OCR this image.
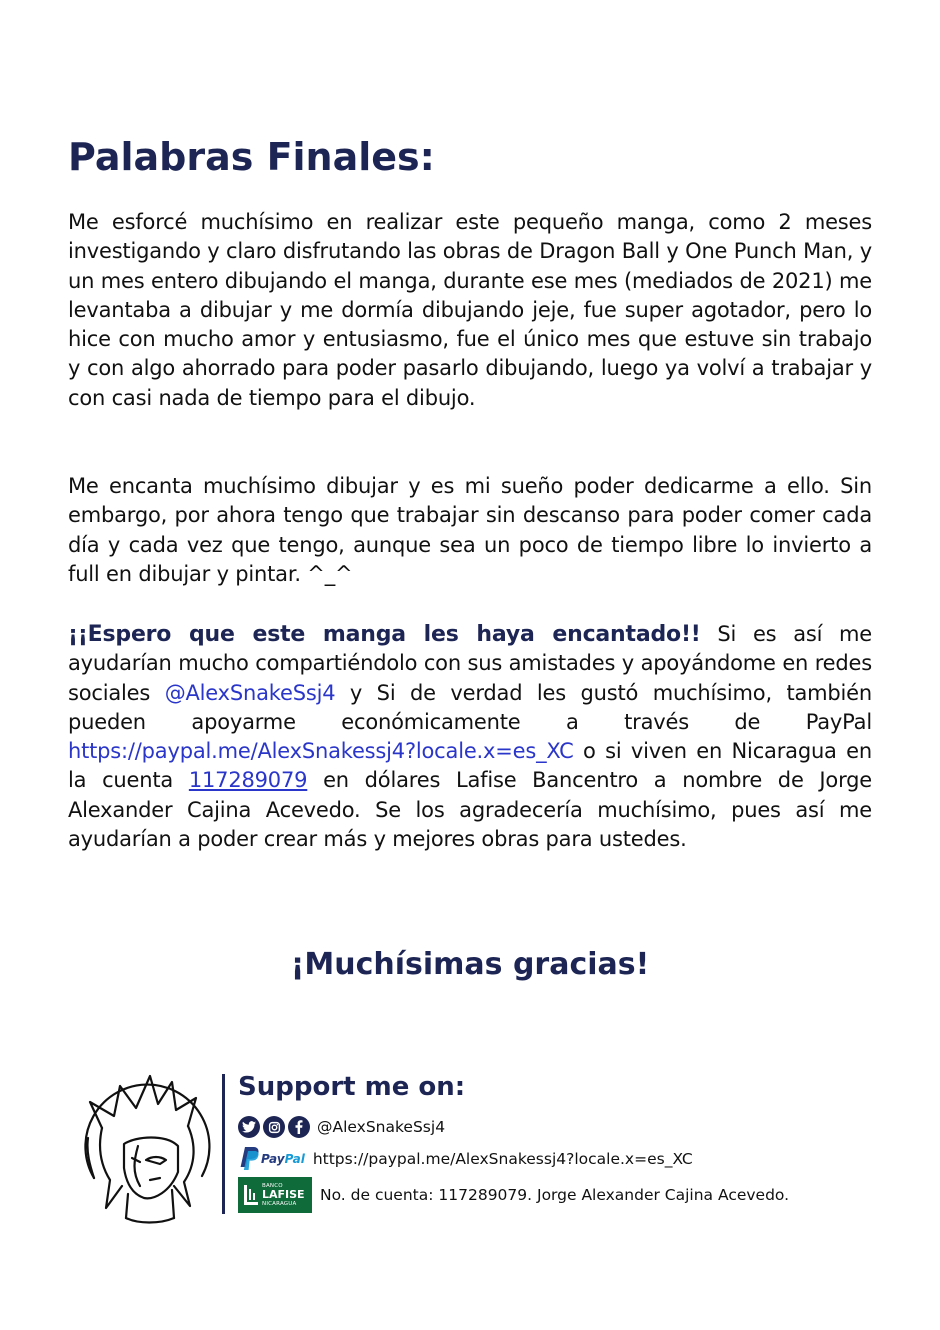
Palabras Finales:

Me esforcé muchísimo en realizar este pequeño manga, como 2 meses investigando y claro disfrutando las obras de Dragon Ball y One Punch Man, y un mes entero dibujando el manga, durante ese mes (mediados de 2021) me levantaba a dibujar y me dormía dibujando jeje, fue super agotador, pero lo hice con mucho amor y entusiasmo, fue el único mes que estuve sin trabajo y con algo ahorrado para poder pasarlo dibujando, luego ya volví a trabajar y con casi nada de tiempo para el dibujo.

Me encanta muchísimo dibujar y es mi sueño poder dedicarme a ello. Sin embargo, por ahora tengo que trabajar sin descanso para poder comer cada día y cada vez que tengo, aunque sea un poco de tiempo libre lo invierto a full en dibujar y pintar. ^_^

¡¡Espero que este manga les haya encantado!! Si es así me ayudarían mucho compartiéndolo con sus amistades y apoyándome en redes sociales @AlexSnakeSsj4 y Si de verdad les gustó muchísimo, también pueden apoyarme económicamente a través de PayPal https://paypal.me/AlexSnakessj4?locale.x=es_XC o si viven en Nicaragua en la cuenta 117289079 en dólares Lafise Bancentro a nombre de Jorge Alexander Cajina Acevedo. Se los agradecería muchísimo, pues así me ayudarían a poder crear más y mejores obras para ustedes.

¡Muchísimas gracias!
Support me on:
@AlexSnakeSsj4
PayPal https://paypal.me/AlexSnakessj4?locale.x=es_XC
BANCO
LAFISE
NICARAGUA No. de cuenta: 117289079. Jorge Alexander Cajina Acevedo.
